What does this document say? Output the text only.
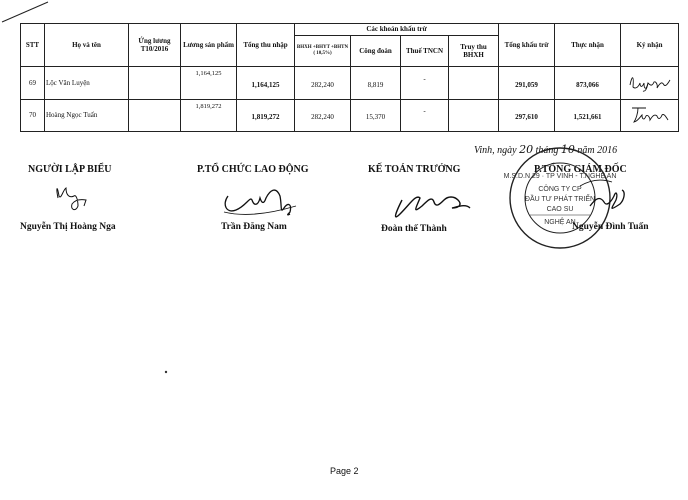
STT	Họ và tên	Ứng lương T10/2016	Lương sản phẩm	Tổng thu nhập	Các khoản khấu trừ				Tổng khấu trừ	Thực nhận	Ký nhận
					BHXH +BHYT +BHTN ( 10,5%)	Công đoàn	Thuế TNCN	Truy thu BHXH			
69	Lộc Văn Luyện		1,164,125	1,164,125	282,240	8,819	-		291,059	873,066

70	Hoàng Ngọc Tuấn		1,819,272	1,819,272	282,240	15,370	-		297,610	1,521,661

Vinh, ngày 20 tháng 10 năm 2016
NGƯỜI LẬP BIỂU	P.TỔ CHỨC LAO ĐỘNG	KẾ TOÁN TRƯỞNG	P.TỔNG GIÁM ĐỐC
M.S.D.N 29 · TP VINH - T.NGHỆ AN
CÔNG TY CP
ĐẦU TƯ PHÁT TRIỂN
CAO SU
NGHỆ AN
Nguyễn Thị Hoàng Nga	Trần Đăng Nam	Đoàn thế Thành	Nguyễn Đình Tuấn
Page 2
